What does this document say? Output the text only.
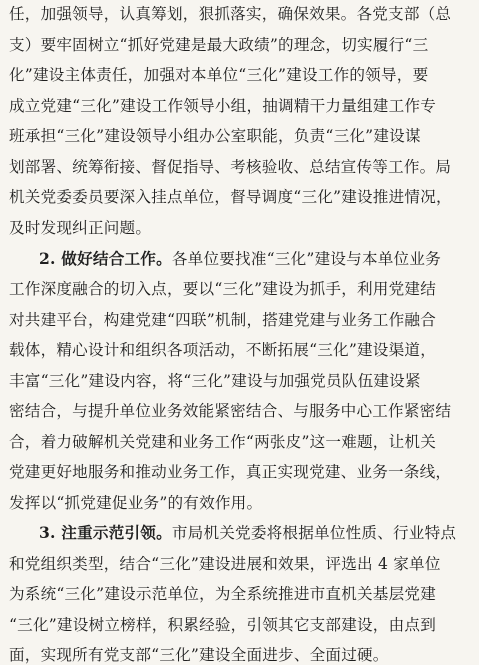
任，加强领导，认真筹划，狠抓落实，确保效果。各党支部（总
支）要牢固树立“抓好党建是最大政绩”的理念，切实履行“三
化”建设主体责任，加强对本单位“三化”建设工作的领导，要
成立党建“三化”建设工作领导小组，抽调精干力量组建工作专
班承担“三化”建设领导小组办公室职能，负责“三化”建设谋
划部署、统筹衔接、督促指导、考核验收、总结宣传等工作。局
机关党委委员要深入挂点单位，督导调度“三化”建设推进情况，
及时发现纠正问题。
2. 做好结合工作。各单位要找准“三化”建设与本单位业务
工作深度融合的切入点，要以“三化”建设为抓手，利用党建结
对共建平台，构建党建“四联”机制，搭建党建与业务工作融合
载体，精心设计和组织各项活动，不断拓展“三化”建设渠道，
丰富“三化”建设内容，将“三化”建设与加强党员队伍建设紧
密结合，与提升单位业务效能紧密结合、与服务中心工作紧密结
合，着力破解机关党建和业务工作“两张皮”这一难题，让机关
党建更好地服务和推动业务工作，真正实现党建、业务一条线，
发挥以“抓党建促业务”的有效作用。
3. 注重示范引领。市局机关党委将根据单位性质、行业特点
和党组织类型，结合“三化”建设进展和效果，评选出 4 家单位
为系统“三化”建设示范单位，为全系统推进市直机关基层党建
“三化”建设树立榜样，积累经验，引领其它支部建设，由点到
面，实现所有党支部“三化”建设全面进步、全面过硬。
